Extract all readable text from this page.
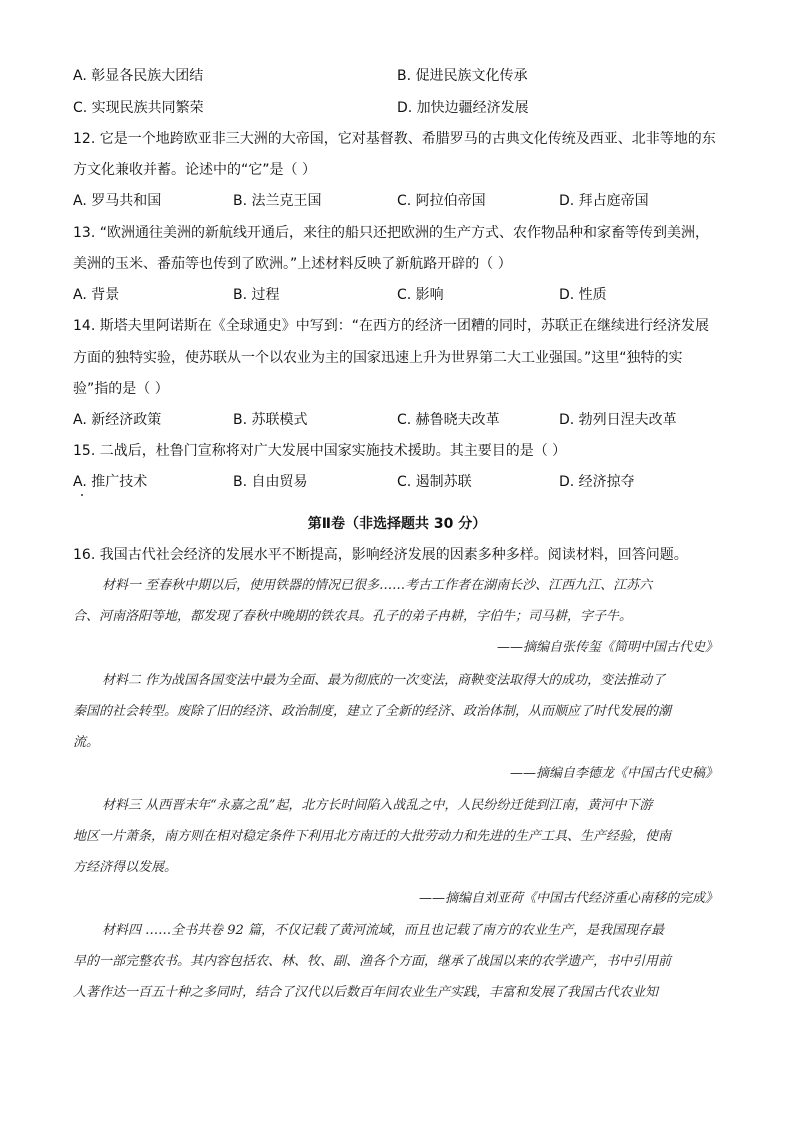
A. 彰显各民族大团结	B. 促进民族文化传承
C. 实现民族共同繁荣	D. 加快边疆经济发展
12. 它是一个地跨欧亚非三大洲的大帝国，它对基督教、希腊罗马的古典文化传统及西亚、北非等地的东
方文化兼收并蓄。论述中的“它”是（ ）
A. 罗马共和国	B. 法兰克王国	C. 阿拉伯帝国	D. 拜占庭帝国
13. “欧洲通往美洲的新航线开通后，来往的船只还把欧洲的生产方式、农作物品种和家畜等传到美洲，
美洲的玉米、番茄等也传到了欧洲。”上述材料反映了新航路开辟的（ ）
A. 背景	B. 过程	C. 影响	D. 性质
14. 斯塔夫里阿诺斯在《全球通史》中写到：“在西方的经济一团糟的同时，苏联正在继续进行经济发展
方面的独特实验，使苏联从一个以农业为主的国家迅速上升为世界第二大工业强国。”这里“独特的实
验”指的是（ ）
A. 新经济政策	B. 苏联模式	C. 赫鲁晓夫改革	D. 勃列日涅夫改革
15. 二战后，杜鲁门宣称将对广大发展中国家实施技术援助。其主要目的是（ ）
A. 推广技术	B. 自由贸易	C. 遏制苏联	D. 经济掠夺
第Ⅱ卷（非选择题共 30 分）
16. 我国古代社会经济的发展水平不断提高，影响经济发展的因素多种多样。阅读材料，回答问题。
材料一 至春秋中期以后，使用铁器的情况已很多……考古工作者在湖南长沙、江西九江、江苏六
合、河南洛阳等地，都发现了春秋中晚期的铁农具。孔子的弟子冉耕，字伯牛；司马耕，字子牛。
——摘编自张传玺《简明中国古代史》
材料二 作为战国各国变法中最为全面、最为彻底的一次变法，商鞅变法取得大的成功，变法推动了
秦国的社会转型。废除了旧的经济、政治制度，建立了全新的经济、政治体制，从而顺应了时代发展的潮
流。
——摘编自李德龙《中国古代史稿》
材料三 从西晋末年“永嘉之乱”起，北方长时间陷入战乱之中，人民纷纷迁徙到江南，黄河中下游
地区一片萧条，南方则在相对稳定条件下利用北方南迁的大批劳动力和先进的生产工具、生产经验，使南
方经济得以发展。
——摘编自刘亚荷《中国古代经济重心南移的完成》
材料四 ……全书共卷 92 篇，不仅记载了黄河流域，而且也记载了南方的农业生产，是我国现存最
早的一部完整农书。其内容包括农、林、牧、副、渔各个方面，继承了战国以来的农学遗产，书中引用前
人著作达一百五十种之多同时，结合了汉代以后数百年间农业生产实践，丰富和发展了我国古代农业知
